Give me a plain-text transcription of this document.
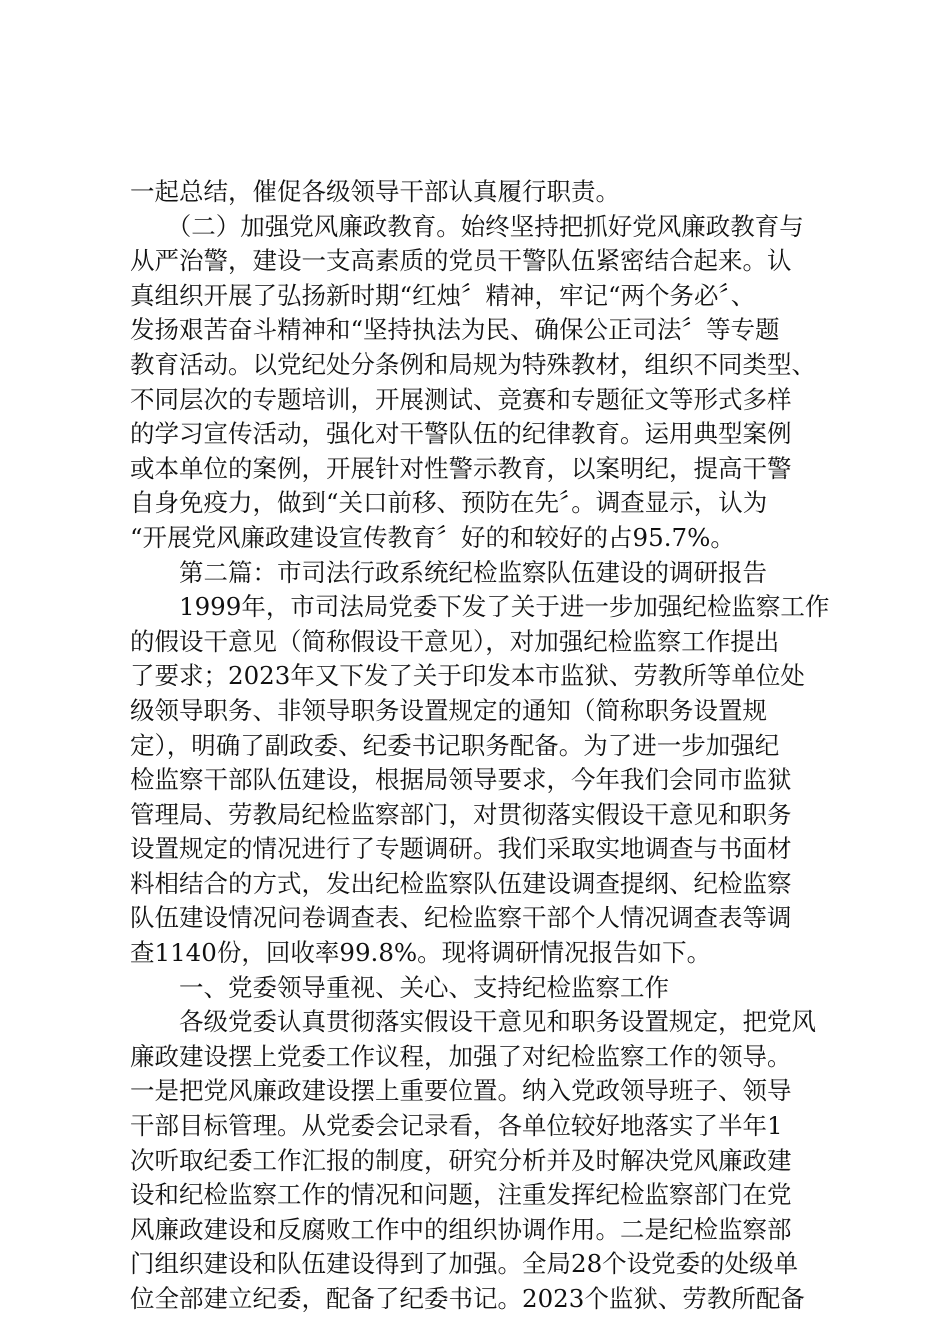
一起总结，催促各级领导干部认真履行职责。
　　（二）加强党风廉政教育。始终坚持把抓好党风廉政教育与
从严治警，建设一支高素质的党员干警队伍紧密结合起来。认
真组织开展了弘扬新时期“红烛〞精神，牢记“两个务必〞、
发扬艰苦奋斗精神和“坚持执法为民、确保公正司法〞等专题
教育活动。以党纪处分条例和局规为特殊教材，组织不同类型、
不同层次的专题培训，开展测试、竞赛和专题征文等形式多样
的学习宣传活动，强化对干警队伍的纪律教育。运用典型案例
或本单位的案例，开展针对性警示教育，以案明纪，提高干警
自身免疫力，做到“关口前移、预防在先〞。调查显示，认为
“开展党风廉政建设宣传教育〞好的和较好的占95.7%。
　　第二篇：市司法行政系统纪检监察队伍建设的调研报告
　　1999年，市司法局党委下发了关于进一步加强纪检监察工作
的假设干意见（简称假设干意见），对加强纪检监察工作提出
了要求；2023年又下发了关于印发本市监狱、劳教所等单位处
级领导职务、非领导职务设置规定的通知（简称职务设置规
定），明确了副政委、纪委书记职务配备。为了进一步加强纪
检监察干部队伍建设，根据局领导要求，今年我们会同市监狱
管理局、劳教局纪检监察部门，对贯彻落实假设干意见和职务
设置规定的情况进行了专题调研。我们采取实地调查与书面材
料相结合的方式，发出纪检监察队伍建设调查提纲、纪检监察
队伍建设情况问卷调查表、纪检监察干部个人情况调查表等调
查1140份，回收率99.8%。现将调研情况报告如下。
　　一、党委领导重视、关心、支持纪检监察工作
　　各级党委认真贯彻落实假设干意见和职务设置规定，把党风
廉政建设摆上党委工作议程，加强了对纪检监察工作的领导。
一是把党风廉政建设摆上重要位置。纳入党政领导班子、领导
干部目标管理。从党委会记录看，各单位较好地落实了半年1
次听取纪委工作汇报的制度，研究分析并及时解决党风廉政建
设和纪检监察工作的情况和问题，注重发挥纪检监察部门在党
风廉政建设和反腐败工作中的组织协调作用。二是纪检监察部
门组织建设和队伍建设得到了加强。全局28个设党委的处级单
位全部建立纪委，配备了纪委书记。2023个监狱、劳教所配备
